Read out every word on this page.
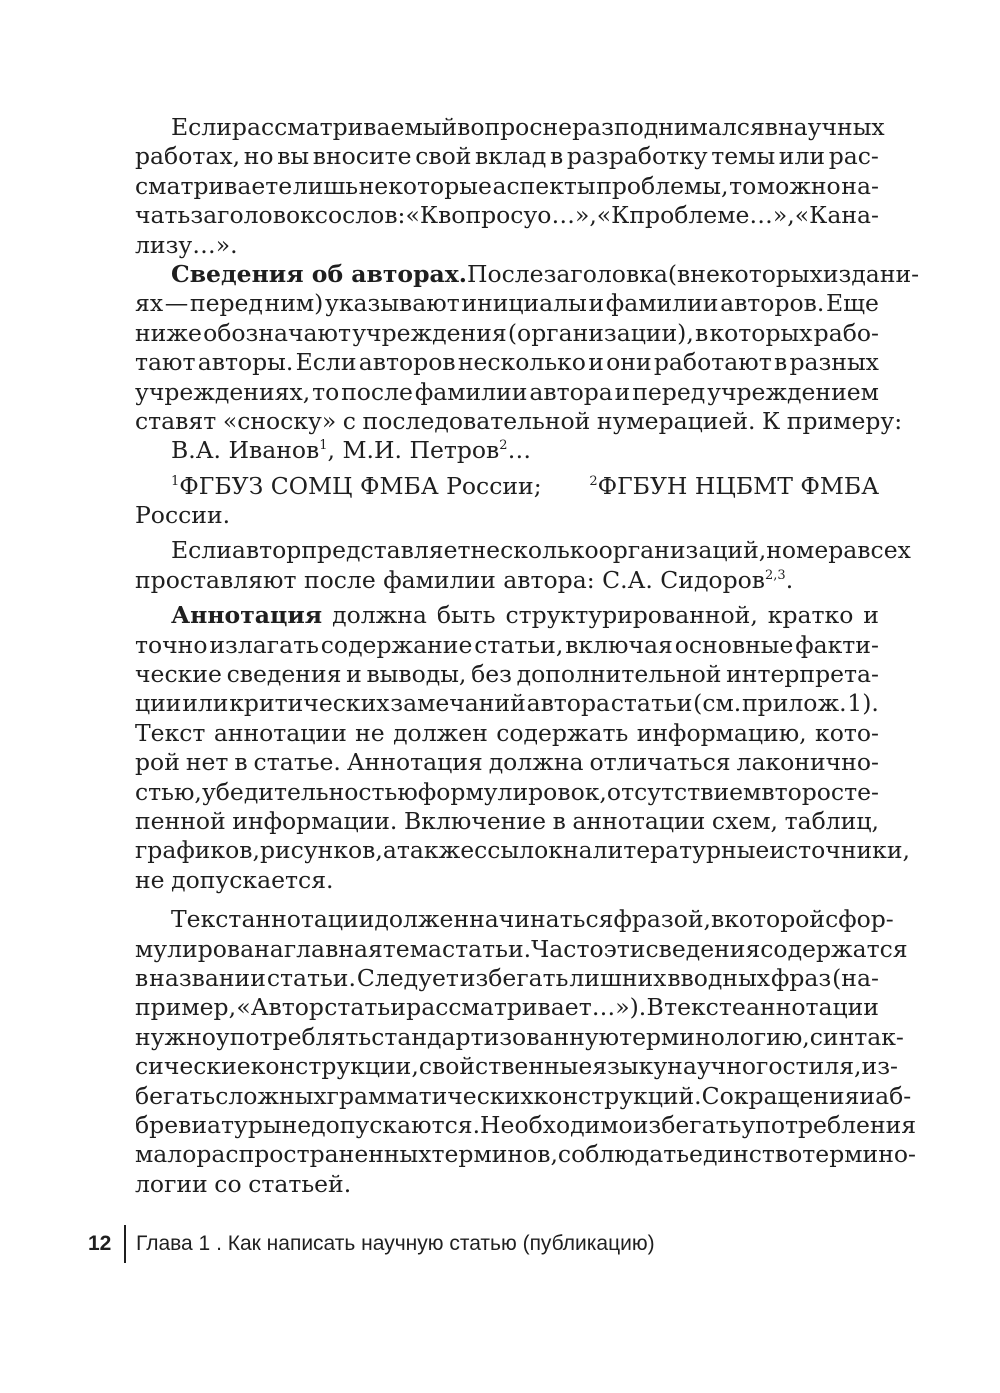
Если рассматриваемый вопрос не раз поднимался в научных
работах, но вы вносите свой вклад в разработку темы или рас-
сматриваете лишь некоторые аспекты проблемы, то можно на-
чать заголовок со слов: «К вопросу о…», «К проблеме…», «К ана-
лизу…».
Сведения об авторах. После заголовка (в некоторых издани-
ях — перед ним) указывают инициалы и фамилии авторов. Еще
ниже обозначают учреждения (организации), в которых рабо-
тают авторы. Если авторов несколько и они работают в разных
учреждениях, то после фамилии автора и перед учреждением
ставят «сноску» с последовательной нумерацией. К примеру:
В.А. Иванов$^1$, М.И. Петров$^2$…
$^1$ФГБУЗ СОМЦ ФМБА России;	$^2$ФГБУН НЦБМТ ФМБА
России.
Если автор представляет несколько организаций, номера всех
проставляют после фамилии автора: С.А. Сидоров$^{2,3}$.
Аннотация должна быть структурированной, кратко и
точно излагать содержание статьи, включая основные факти-
ческие сведения и выводы, без дополнительной интерпрета-
ции или критических замечаний автора статьи (см. прилож. 1).
Текст аннотации не должен содержать информацию, кото-
рой нет в статье. Аннотация должна отличаться лаконично-
стью, убедительностью формулировок, отсутствием второсте-
пенной информации. Включение в аннотации схем, таблиц,
графиков, рисунков, а также ссылок на литературные источники,
не допускается.
Текст аннотации должен начинаться фразой, в которой сфор-
мулирована главная тема статьи. Часто эти сведения содержатся
в названии статьи. Следует избегать лишних вводных фраз (на-
пример, «Автор статьи рассматривает…»). В тексте аннотации
нужно употреблять стандартизованную терминологию, синтак-
сические конструкции, свойственные языку научного стиля, из-
бегать сложных грамматических конструкций. Сокращения и аб-
бревиатуры не допускаются. Необходимо избегать употребления
малораспространенных терминов, соблюдать единство термино-
логии со статьей.
12	Глава 1 . Как написать научную статью (публикацию)
